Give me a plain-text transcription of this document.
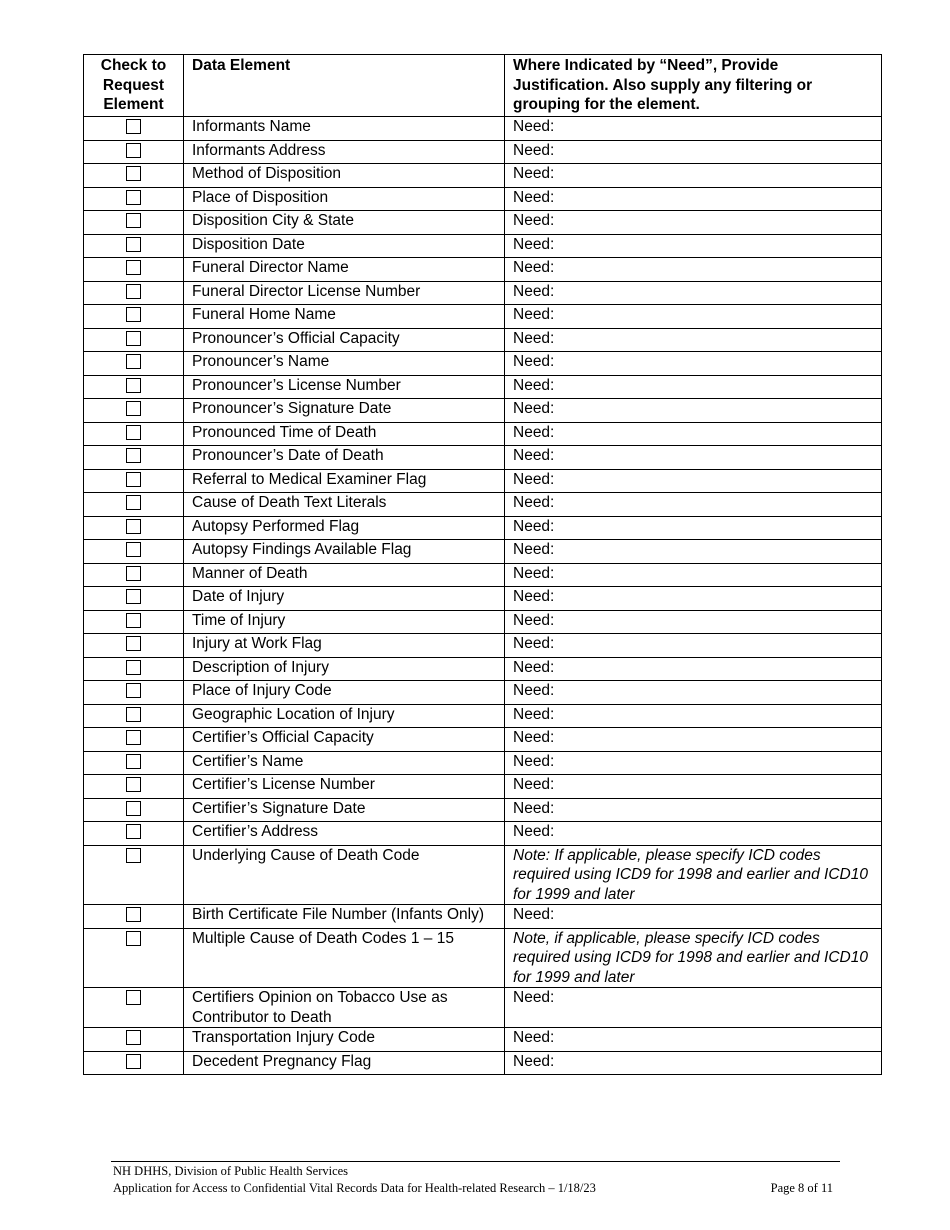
Check to Request Element	Data Element	Where Indicated by “Need”, Provide Justification. Also supply any filtering or grouping for the element.
	Informants Name	Need:
	Informants Address	Need:
	Method of Disposition	Need:
	Place of Disposition	Need:
	Disposition City & State	Need:
	Disposition Date	Need:
	Funeral Director Name	Need:
	Funeral Director License Number	Need:
	Funeral Home Name	Need:
	Pronouncer’s Official Capacity	Need:
	Pronouncer’s Name	Need:
	Pronouncer’s License Number	Need:
	Pronouncer’s Signature Date	Need:
	Pronounced Time of Death	Need:
	Pronouncer’s Date of Death	Need:
	Referral to Medical Examiner Flag	Need:
	Cause of Death Text Literals	Need:
	Autopsy Performed Flag	Need:
	Autopsy Findings Available Flag	Need:
	Manner of Death	Need:
	Date of Injury	Need:
	Time of Injury	Need:
	Injury at Work Flag	Need:
	Description of Injury	Need:
	Place of Injury Code	Need:
	Geographic Location of Injury	Need:
	Certifier’s Official Capacity	Need:
	Certifier’s Name	Need:
	Certifier’s License Number	Need:
	Certifier’s Signature Date	Need:
	Certifier’s Address	Need:
	Underlying Cause of Death Code	Note: If applicable, please specify ICD codes required using ICD9 for 1998 and earlier and ICD10 for 1999 and later
	Birth Certificate File Number (Infants Only)	Need:
	Multiple Cause of Death Codes 1 – 15	Note, if applicable, please specify ICD codes required using ICD9 for 1998 and earlier and ICD10 for 1999 and later
	Certifiers Opinion on Tobacco Use as Contributor to Death	Need:
	Transportation Injury Code	Need:
	Decedent Pregnancy Flag	Need:
NH DHHS, Division of Public Health Services
Application for Access to Confidential Vital Records Data for Health-related Research – 1/18/23	Page 8 of 11
